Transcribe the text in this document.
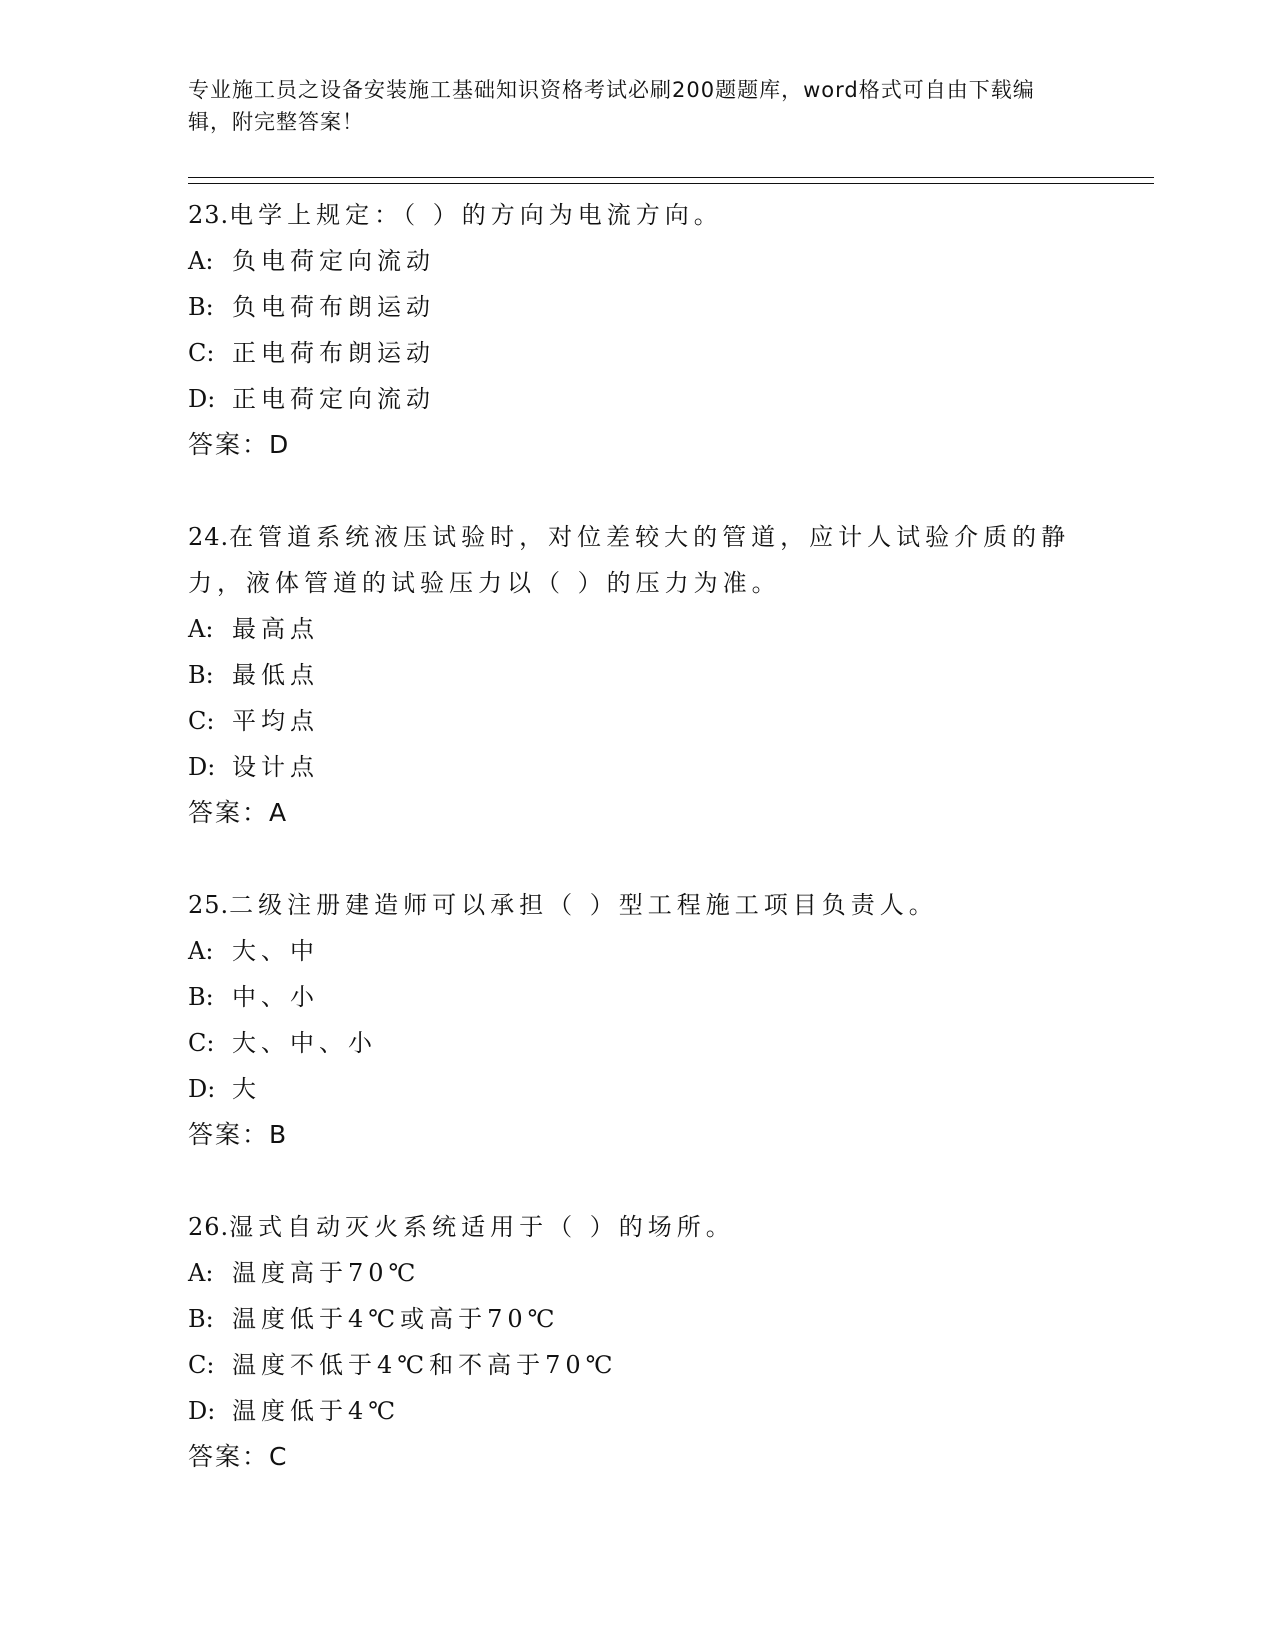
专业施工员之设备安装施工基础知识资格考试必刷200题题库，word格式可自由下载编辑，附完整答案！
23.电学上规定：（ ）的方向为电流方向。
A: 负电荷定向流动
B: 负电荷布朗运动
C: 正电荷布朗运动
D: 正电荷定向流动
答案：D
24.在管道系统液压试验时，对位差较大的管道，应计人试验介质的静力，液体管道的试验压力以（ ）的压力为准。
A: 最高点
B: 最低点
C: 平均点
D: 设计点
答案：A
25.二级注册建造师可以承担（ ）型工程施工项目负责人。
A: 大、中
B: 中、小
C: 大、中、小
D: 大
答案：B
26.湿式自动灭火系统适用于（ ）的场所。
A: 温度高于70℃
B: 温度低于4℃或高于70℃
C: 温度不低于4℃和不高于70℃
D: 温度低于4℃
答案：C
